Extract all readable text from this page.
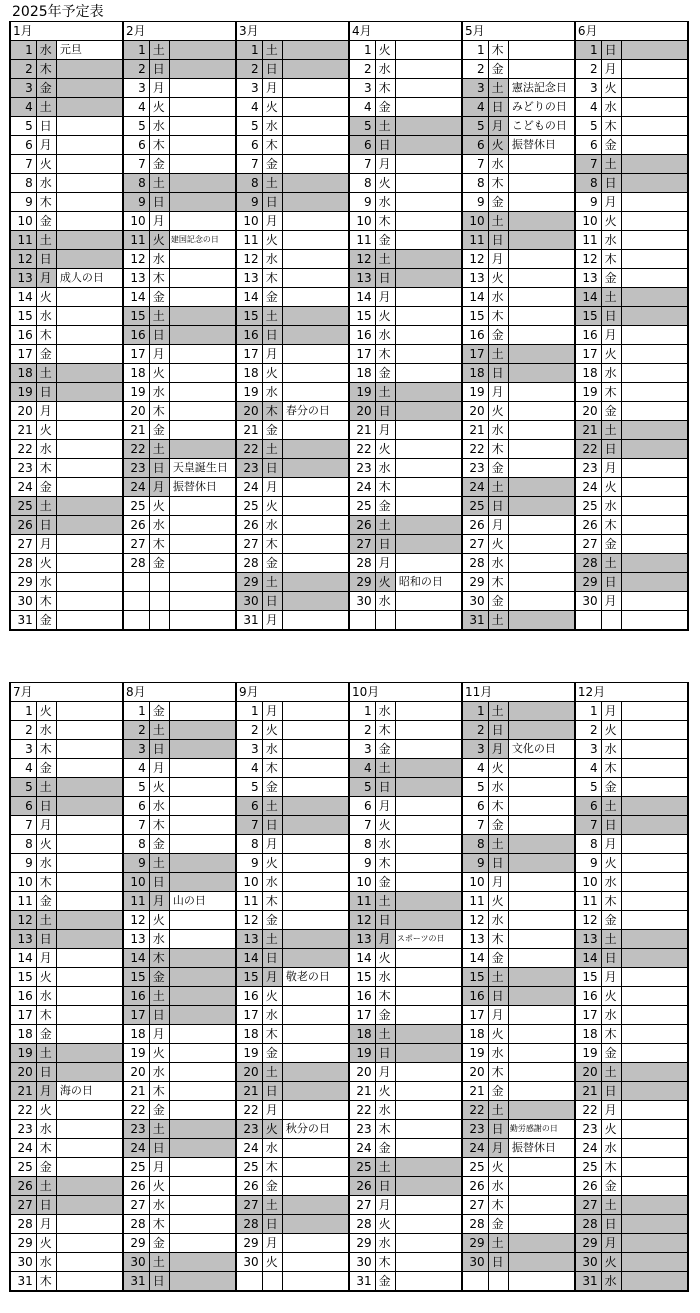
2025年予定表
1月			2月			3月			4月			5月			6月		
1	水	元旦	1	土		1	土		1	火		1	木		1	日	
2	木		2	日		2	日		2	水		2	金		2	月	
3	金		3	月		3	月		3	木		3	土	憲法記念日	3	火	
4	土		4	火		4	火		4	金		4	日	みどりの日	4	水	
5	日		5	水		5	水		5	土		5	月	こどもの日	5	木	
6	月		6	木		6	木		6	日		6	火	振替休日	6	金	
7	火		7	金		7	金		7	月		7	水		7	土	
8	水		8	土		8	土		8	火		8	木		8	日	
9	木		9	日		9	日		9	水		9	金		9	月	
10	金		10	月		10	月		10	木		10	土		10	火	
11	土		11	火	建国記念の日	11	火		11	金		11	日		11	水	
12	日		12	水		12	水		12	土		12	月		12	木	
13	月	成人の日	13	木		13	木		13	日		13	火		13	金	
14	火		14	金		14	金		14	月		14	水		14	土	
15	水		15	土		15	土		15	火		15	木		15	日	
16	木		16	日		16	日		16	水		16	金		16	月	
17	金		17	月		17	月		17	木		17	土		17	火	
18	土		18	火		18	火		18	金		18	日		18	水	
19	日		19	水		19	水		19	土		19	月		19	木	
20	月		20	木		20	木	春分の日	20	日		20	火		20	金	
21	火		21	金		21	金		21	月		21	水		21	土	
22	水		22	土		22	土		22	火		22	木		22	日	
23	木		23	日	天皇誕生日	23	日		23	水		23	金		23	月	
24	金		24	月	振替休日	24	月		24	木		24	土		24	火	
25	土		25	火		25	火		25	金		25	日		25	水	
26	日		26	水		26	水		26	土		26	月		26	木	
27	月		27	木		27	木		27	日		27	火		27	金	
28	火		28	金		28	金		28	月		28	水		28	土	
29	水					29	土		29	火	昭和の日	29	木		29	日	
30	木					30	日		30	水		30	金		30	月	
31	金					31	月					31	土				
7月			8月			9月			10月			11月			12月		
1	火		1	金		1	月		1	水		1	土		1	月	
2	水		2	土		2	火		2	木		2	日		2	火	
3	木		3	日		3	水		3	金		3	月	文化の日	3	水	
4	金		4	月		4	木		4	土		4	火		4	木	
5	土		5	火		5	金		5	日		5	水		5	金	
6	日		6	水		6	土		6	月		6	木		6	土	
7	月		7	木		7	日		7	火		7	金		7	日	
8	火		8	金		8	月		8	水		8	土		8	月	
9	水		9	土		9	火		9	木		9	日		9	火	
10	木		10	日		10	水		10	金		10	月		10	水	
11	金		11	月	山の日	11	木		11	土		11	火		11	木	
12	土		12	火		12	金		12	日		12	水		12	金	
13	日		13	水		13	土		13	月	スポーツの日	13	木		13	土	
14	月		14	木		14	日		14	火		14	金		14	日	
15	火		15	金		15	月	敬老の日	15	水		15	土		15	月	
16	水		16	土		16	火		16	木		16	日		16	火	
17	木		17	日		17	水		17	金		17	月		17	水	
18	金		18	月		18	木		18	土		18	火		18	木	
19	土		19	火		19	金		19	日		19	水		19	金	
20	日		20	水		20	土		20	月		20	木		20	土	
21	月	海の日	21	木		21	日		21	火		21	金		21	日	
22	火		22	金		22	月		22	水		22	土		22	月	
23	水		23	土		23	火	秋分の日	23	木		23	日	勤労感謝の日	23	火	
24	木		24	日		24	水		24	金		24	月	振替休日	24	水	
25	金		25	月		25	木		25	土		25	火		25	木	
26	土		26	火		26	金		26	日		26	水		26	金	
27	日		27	水		27	土		27	月		27	木		27	土	
28	月		28	木		28	日		28	火		28	金		28	日	
29	火		29	金		29	月		29	水		29	土		29	月	
30	水		30	土		30	火		30	木		30	日		30	火	
31	木		31	日					31	金					31	水	
